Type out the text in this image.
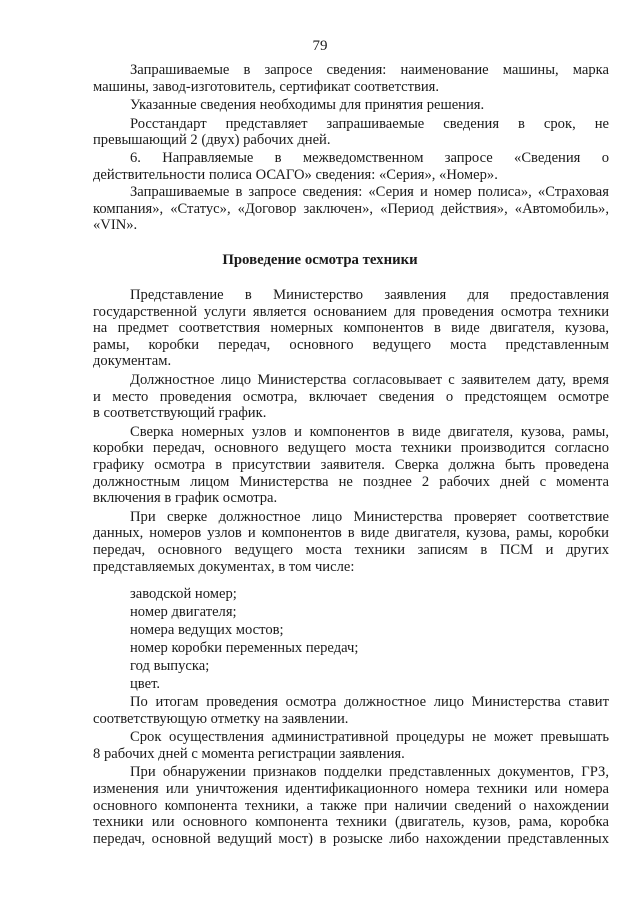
79

Запрашиваемые в запросе сведения: наименование машины, марка

машины, завод-изготовитель, сертификат соответствия.

Указанные сведения необходимы для принятия решения.

Росстандарт представляет запрашиваемые сведения в срок, не

превышающий 2 (двух) рабочих дней.

6. Направляемые в межведомственном запросе «Сведения о

действительности полиса ОСАГО» сведения: «Серия», «Номер».

Запрашиваемые в запросе сведения: «Серия и номер полиса», «Страховая

компания», «Статус», «Договор заключен», «Период действия», «Автомобиль»,

«VIN».

Проведение осмотра техники

Представление в Министерство заявления для предоставления

государственной услуги является основанием для проведения осмотра техники

на предмет соответствия номерных компонентов в виде двигателя, кузова,

рамы, коробки передач, основного ведущего моста представленным

документам.

Должностное лицо Министерства согласовывает с заявителем дату, время

и место проведения осмотра, включает сведения о предстоящем осмотре

в соответствующий график.

Сверка номерных узлов и компонентов в виде двигателя, кузова, рамы,

коробки передач, основного ведущего моста техники производится согласно

графику осмотра в присутствии заявителя. Сверка должна быть проведена

должностным лицом Министерства не позднее 2 рабочих дней с момента

включения в график осмотра.

При сверке должностное лицо Министерства проверяет соответствие

данных, номеров узлов и компонентов в виде двигателя, кузова, рамы, коробки

передач, основного ведущего моста техники записям в ПСМ и других

представляемых документах, в том числе:

заводской номер;
номер двигателя;
номера ведущих мостов;
номер коробки переменных передач;
год выпуска;
цвет.

По итогам проведения осмотра должностное лицо Министерства ставит

соответствующую отметку на заявлении.

Срок осуществления административной процедуры не может превышать

8 рабочих дней с момента регистрации заявления.

При обнаружении признаков подделки представленных документов, ГРЗ,

изменения или уничтожения идентификационного номера техники или номера

основного компонента техники, а также при наличии сведений о нахождении

техники или основного компонента техники (двигатель, кузов, рама, коробка

передач, основной ведущий мост) в розыске либо нахождении представленных
